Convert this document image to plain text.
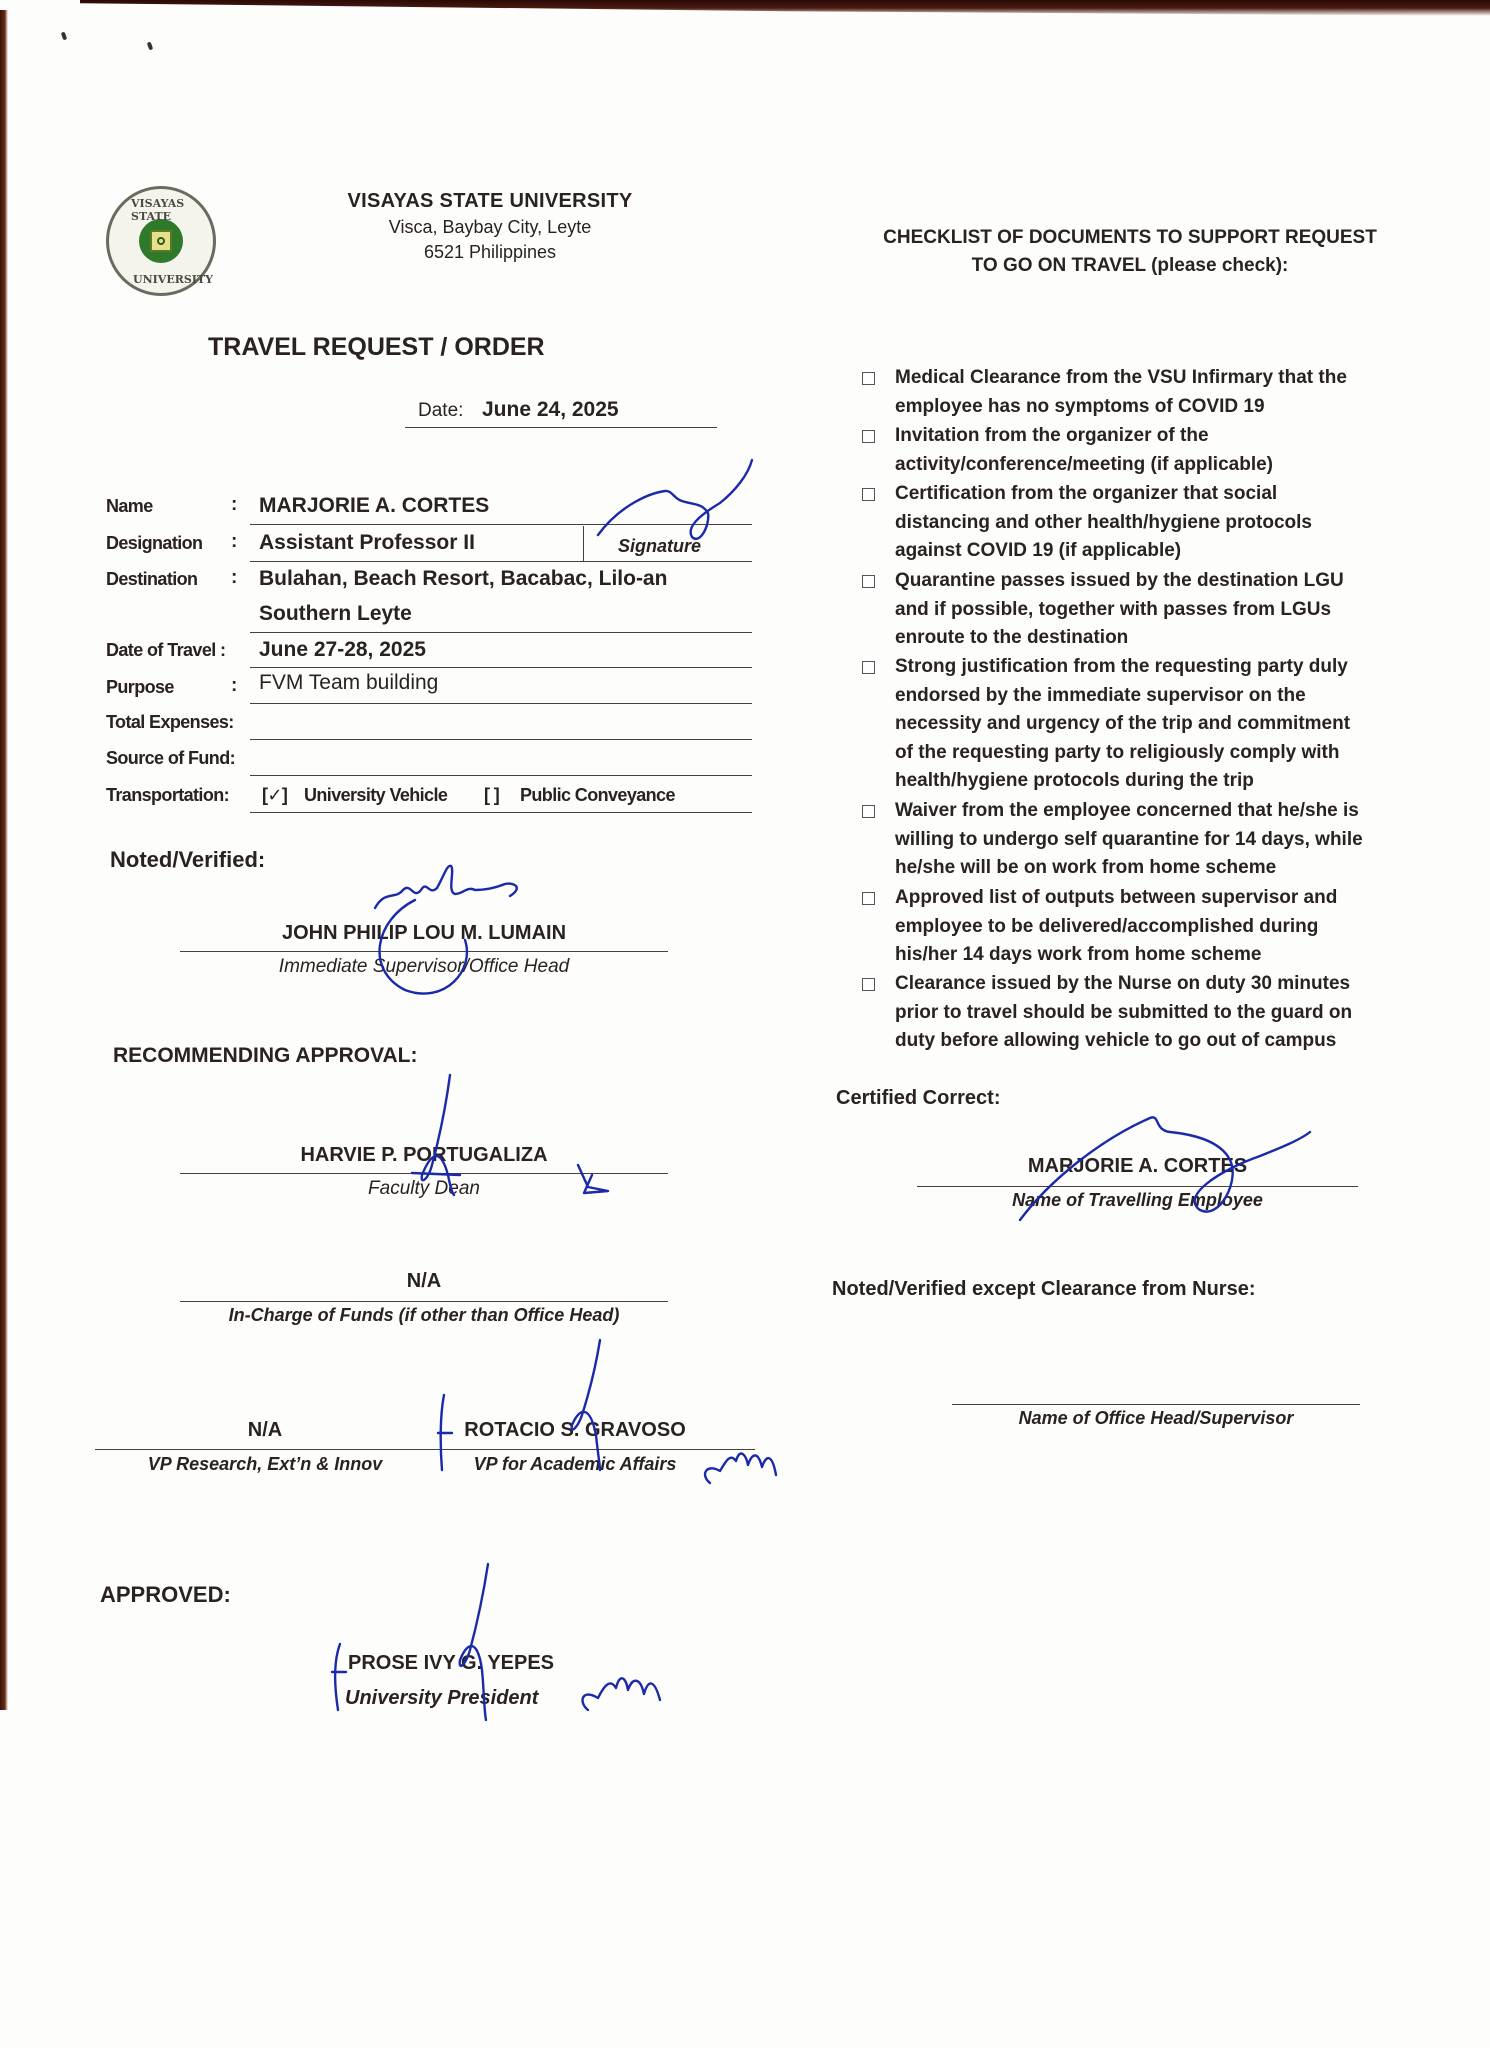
VISAYAS STATE
UNIVERSITY
VISAYAS STATE UNIVERSITY
Visca, Baybay City, Leyte
6521 Philippines
CHECKLIST OF DOCUMENTS TO SUPPORT REQUEST
TO GO ON TRAVEL (please check):
TRAVEL REQUEST / ORDER
Date: June 24, 2025
Name	: MARJORIE A. CORTES
Designation : Assistant Professor II	Signature
Destination : Bulahan, Beach Resort, Bacabac, Lilo-an
Southern Leyte
Date of Travel : June 27-28, 2025
Purpose	: FVM Team building
Total Expenses:
Source of Fund:
Transportation: [✓] University Vehicle [ ] Public Conveyance
Medical Clearance from the VSU Infirmary that the
employee has no symptoms of COVID 19
Invitation from the organizer of the
activity/conference/meeting (if applicable)
Certification from the organizer that social
distancing and other health/hygiene protocols
against COVID 19 (if applicable)
Quarantine passes issued by the destination LGU
and if possible, together with passes from LGUs
enroute to the destination
Strong justification from the requesting party duly
endorsed by the immediate supervisor on the
necessity and urgency of the trip and commitment
of the requesting party to religiously comply with
health/hygiene protocols during the trip
Waiver from the employee concerned that he/she is
willing to undergo self quarantine for 14 days, while
he/she will be on work from home scheme
Approved list of outputs between supervisor and
employee to be delivered/accomplished during
his/her 14 days work from home scheme
Clearance issued by the Nurse on duty 30 minutes
prior to travel should be submitted to the guard on
duty before allowing vehicle to go out of campus
Noted/Verified:
JOHN PHILIP LOU M. LUMAIN
Immediate Supervisor/Office Head
RECOMMENDING APPROVAL:
HARVIE P. PORTUGALIZA
Faculty Dean
N/A
In-Charge of Funds (if other than Office Head)
N/A
VP Research, Ext’n & Innov
ROTACIO S. GRAVOSO
VP for Academic Affairs
APPROVED:
PROSE IVY G. YEPES
University President
Certified Correct:
MARJORIE A. CORTES
Name of Travelling Employee
Noted/Verified except Clearance from Nurse:
Name of Office Head/Supervisor
